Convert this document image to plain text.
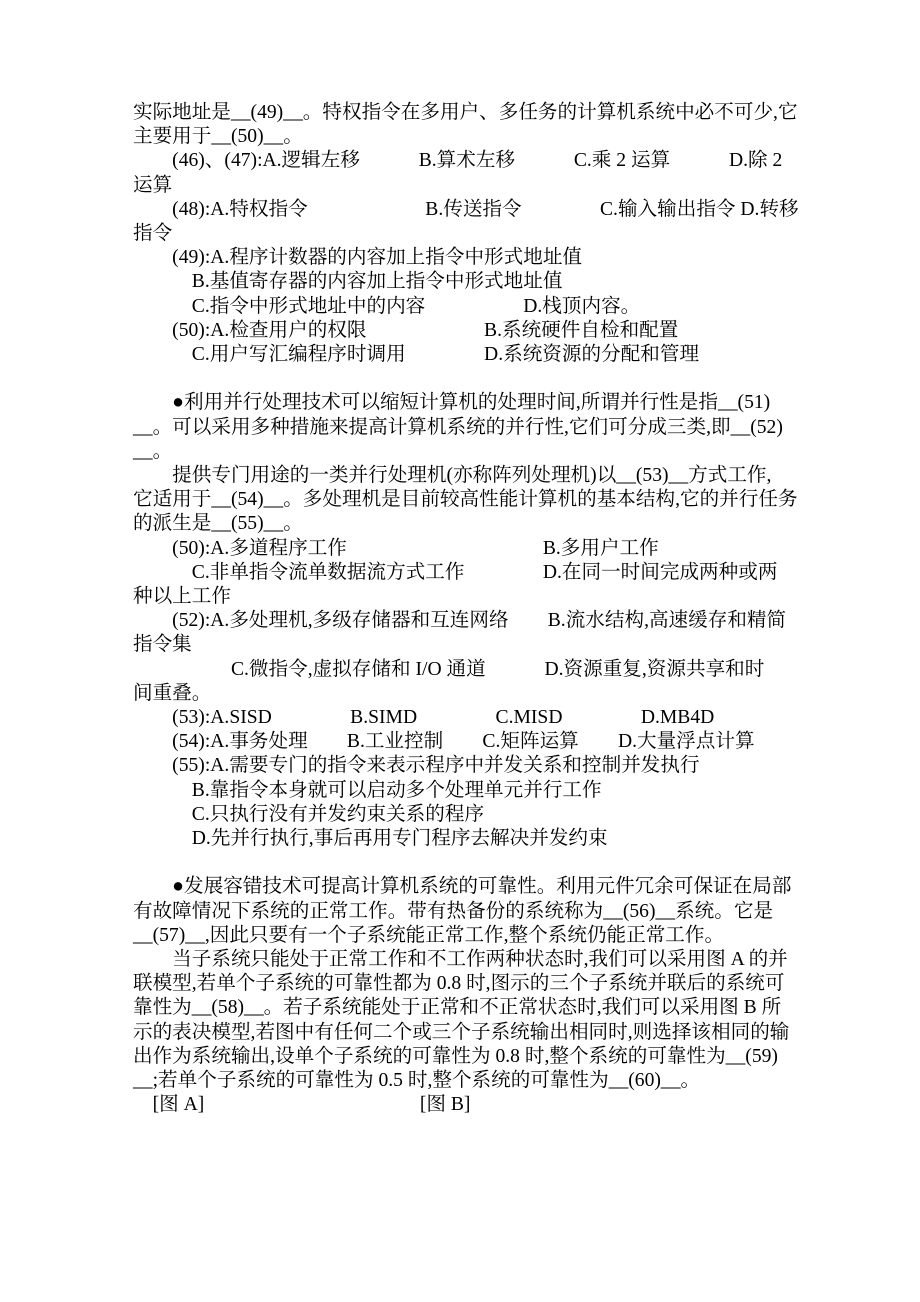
实际地址是__(49)__。特权指令在多用户、多任务的计算机系统中必不可少,它
主要用于__(50)__。
　　(46)、(47):A.逻辑左移　　　B.算术左移　　　C.乘 2 运算　　　D.除 2
运算
　　(48):A.特权指令　　　　　　B.传送指令　　　　C.输入输出指令 D.转移
指令
　　(49):A.程序计数器的内容加上指令中形式地址值
　　　B.基值寄存器的内容加上指令中形式地址值
　　　C.指令中形式地址中的内容　　　　　D.栈顶内容。
　　(50):A.检查用户的权限　　　　　　B.系统硬件自检和配置
　　　C.用户写汇编程序时调用　　　　D.系统资源的分配和管理
　　●利用并行处理技术可以缩短计算机的处理时间,所谓并行性是指__(51)
__。可以采用多种措施来提高计算机系统的并行性,它们可分成三类,即__(52)
__。
　　提供专门用途的一类并行处理机(亦称阵列处理机)以__(53)__方式工作,
它适用于__(54)__。多处理机是目前较高性能计算机的基本结构,它的并行任务
的派生是__(55)__。
　　(50):A.多道程序工作　　　　　　　　　　B.多用户工作
　　　C.非单指令流单数据流方式工作　　　　D.在同一时间完成两种或两
种以上工作
　　(52):A.多处理机,多级存储器和互连网络　　B.流水结构,高速缓存和精简
指令集
　　　　　C.微指令,虚拟存储和 I/O 通道　　　D.资源重复,资源共享和时
间重叠。
　　(53):A.SISD　　　　B.SIMD　　　　C.MISD　　　　D.MB4D
　　(54):A.事务处理　　B.工业控制　　C.矩阵运算　　D.大量浮点计算
　　(55):A.需要专门的指令来表示程序中并发关系和控制并发执行
　　　B.靠指令本身就可以启动多个处理单元并行工作
　　　C.只执行没有并发约束关系的程序
　　　D.先并行执行,事后再用专门程序去解决并发约束
　　●发展容错技术可提高计算机系统的可靠性。利用元件冗余可保证在局部
有故障情况下系统的正常工作。带有热备份的系统称为__(56)__系统。它是
__(57)__,因此只要有一个子系统能正常工作,整个系统仍能正常工作。
　　当子系统只能处于正常工作和不工作两种状态时,我们可以采用图 A 的并
联模型,若单个子系统的可靠性都为 0.8 时,图示的三个子系统并联后的系统可
靠性为__(58)__。若子系统能处于正常和不正常状态时,我们可以采用图 B 所
示的表决模型,若图中有任何二个或三个子系统输出相同时,则选择该相同的输
出作为系统输出,设单个子系统的可靠性为 0.8 时,整个系统的可靠性为__(59)
__;若单个子系统的可靠性为 0.5 时,整个系统的可靠性为__(60)__。
　[图 A]　　　　　　　　　　　[图 B]
